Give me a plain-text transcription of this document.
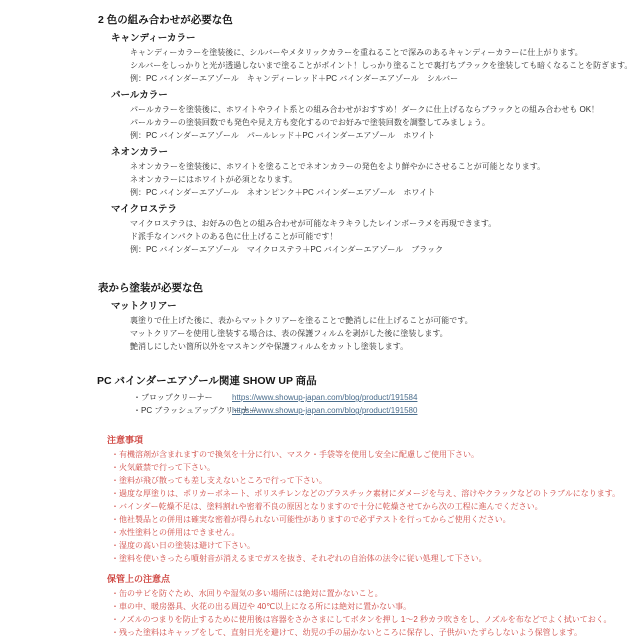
2 色の組み合わせが必要な色
キャンディーカラー
キャンディーカラーを塗装後に、シルバーやメタリックカラーを重ねることで深みのあるキャンディーカラーに仕上がります。
シルバーをしっかりと光が透過しないまで塗ることがポイント！しっかり塗ることで裏打ちブラックを塗装しても暗くなることを防ぎます。
例：PC バインダーエアゾール　キャンディーレッド＋PC バインダーエアゾール　シルバー
パールカラー
パールカラーを塗装後に、ホワイトやライト系との組み合わせがおすすめ！ダークに仕上げるならブラックとの組み合わせも OK！
パールカラーの塗装回数でも発色や見え方も変化するのでお好みで塗装回数を調整してみましょう。
例：PC バインダーエアゾール　パールレッド＋PC バインダーエアゾール　ホワイト
ネオンカラー
ネオンカラーを塗装後に、ホワイトを塗ることでネオンカラーの発色をより鮮やかにさせることが可能となります。
ネオンカラーにはホワイトが必須となります。
例：PC バインダーエアゾール　ネオンピンク＋PC バインダーエアゾール　ホワイト
マイクロステラ
マイクロステラは、お好みの色との組み合わせが可能なキラキラしたレインボーラメを再現できます。
ド派手なインパクトのある色に仕上げることが可能です！
例：PC バインダーエアゾール　マイクロステラ＋PC バインダーエアゾール　ブラック
表から塗装が必要な色
マットクリアー
裏塗りで仕上げた後に、表からマットクリアーを塗ることで艶消しに仕上げることが可能です。
マットクリアーを使用し塗装する場合は、表の保護フィルムを剥がした後に塗装します。
艶消しにしたい箇所以外をマスキングや保護フィルムをカットし塗装します。
PC バインダーエアゾール関連 SHOW UP 商品
・ブロップクリーナー	https://www.showup-japan.com/blog/product/191584
・PC ブラッシュアップクリーナー
https://www.showup-japan.com/blog/product/191580
注意事項
・有機溶剤が含まれますので換気を十分に行い、マスク・手袋等を使用し安全に配慮しご使用下さい。
・火気厳禁で行って下さい。
・塗料が飛び散っても差し支えないところで行って下さい。
・過度な厚塗りは、ポリカーボネート、ポリスチレンなどのプラスチック素材にダメージを与え、溶けやクラックなどのトラブルになります。
・バインダー乾燥不足は、塗料割れや密着不良の原因となりますので十分に乾燥させてから次の工程に進んでください。
・他社製品との併用は確実な密着が得られない可能性がありますので必ずテストを行ってからご使用ください。
・水性塗料との併用はできません。
・湿度の高い日の塗装は避けて下さい。
・塗料を使いきったら噴射音が消えるまでガスを抜き、それぞれの自治体の法令に従い処理して下さい。
保管上の注意点
・缶のサビを防ぐため、水回りや湿気の多い場所には絶対に置かないこと。
・車の中、暖房器具、火花の出る周辺や 40℃以上になる所には絶対に置かない事。
・ノズルのつまりを防止するために使用後は容器をさかさまにしてボタンを押し 1～2 秒カラ吹きをし、ノズルを布などでよく拭いておく。
・残った塗料はキャップをして、直射日光を避けて、幼児の手の届かないところに保存し、子供がいたずらしないよう保管します。
